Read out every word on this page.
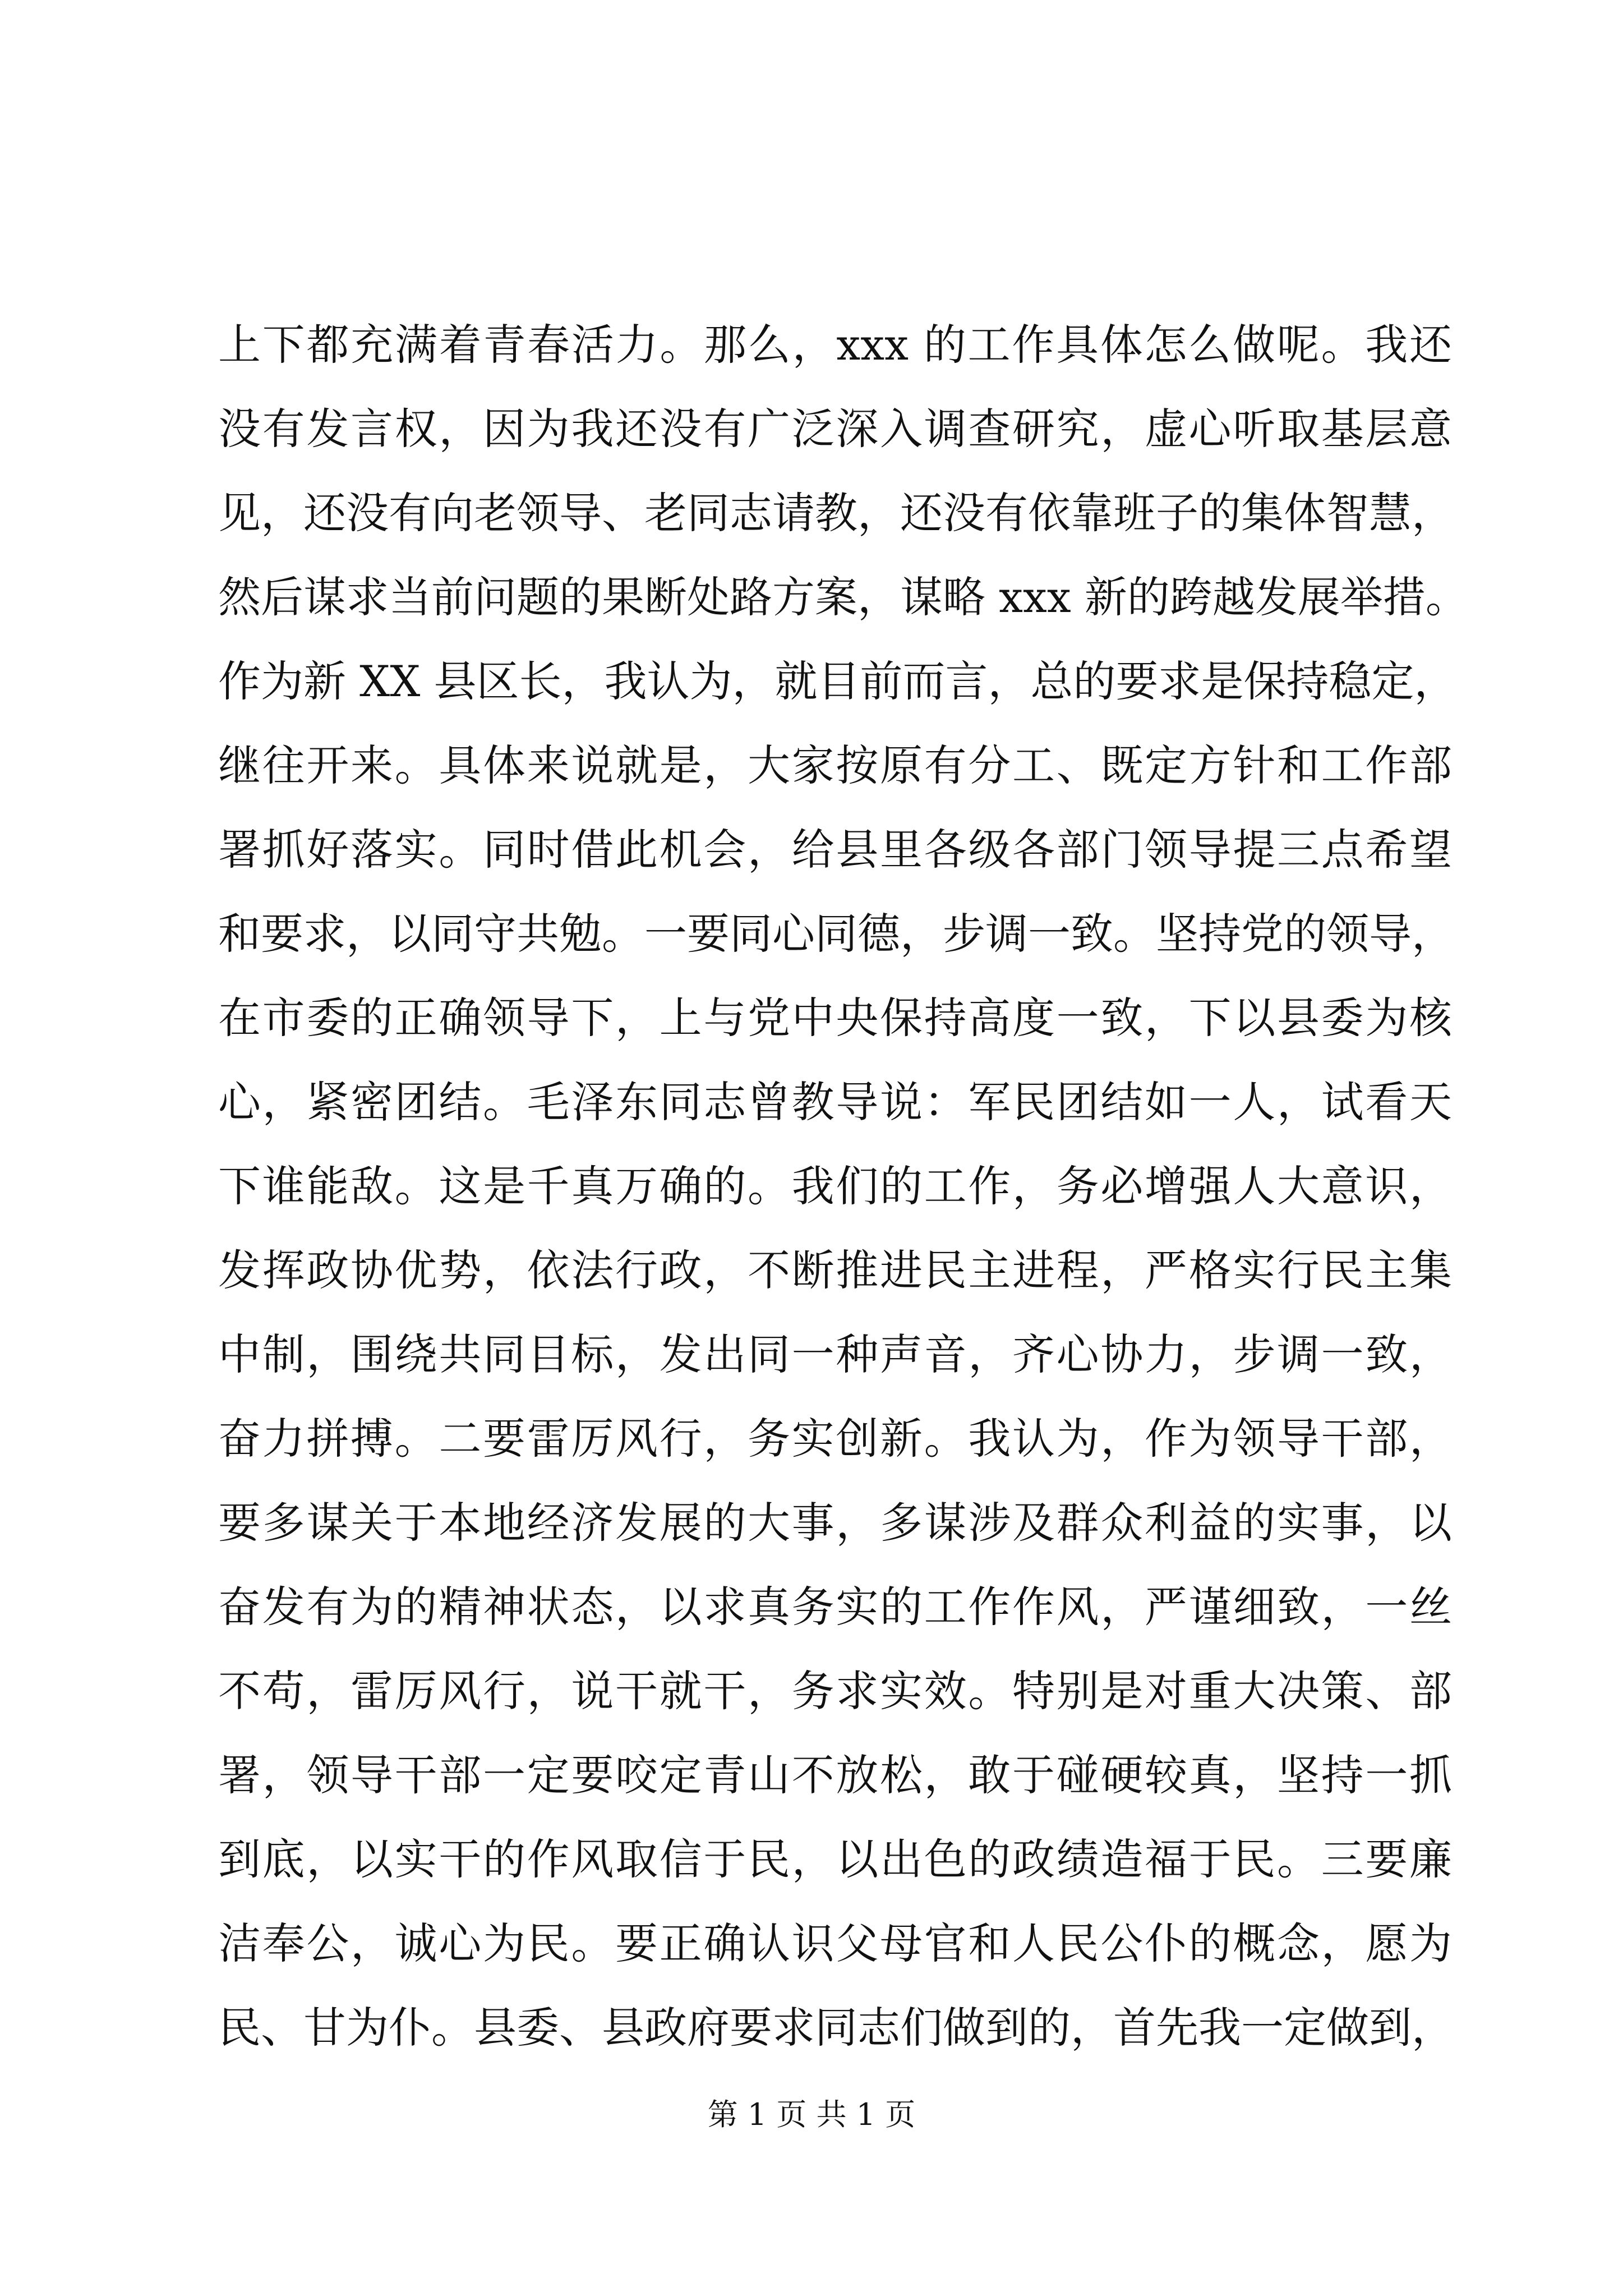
上下都充满着青春活力。那么，xxx 的工作具体怎么做呢。我还
没有发言权，因为我还没有广泛深入调查研究，虚心听取基层意
见，还没有向老领导、老同志请教，还没有依靠班子的集体智慧，
然后谋求当前问题的果断处路方案，谋略 xxx 新的跨越发展举措。
作为新 XX 县区长，我认为，就目前而言，总的要求是保持稳定，
继往开来。具体来说就是，大家按原有分工、既定方针和工作部
署抓好落实。同时借此机会，给县里各级各部门领导提三点希望
和要求，以同守共勉。一要同心同德，步调一致。坚持党的领导，
在市委的正确领导下，上与党中央保持高度一致，下以县委为核
心，紧密团结。毛泽东同志曾教导说：军民团结如一人，试看天
下谁能敌。这是千真万确的。我们的工作，务必增强人大意识，
发挥政协优势，依法行政，不断推进民主进程，严格实行民主集
中制，围绕共同目标，发出同一种声音，齐心协力，步调一致，
奋力拼搏。二要雷厉风行，务实创新。我认为，作为领导干部，
要多谋关于本地经济发展的大事，多谋涉及群众利益的实事，以
奋发有为的精神状态，以求真务实的工作作风，严谨细致，一丝
不苟，雷厉风行，说干就干，务求实效。特别是对重大决策、部
署，领导干部一定要咬定青山不放松，敢于碰硬较真，坚持一抓
到底，以实干的作风取信于民，以出色的政绩造福于民。三要廉
洁奉公，诚心为民。要正确认识父母官和人民公仆的概念，愿为
民、甘为仆。县委、县政府要求同志们做到的，首先我一定做到，
第 1 页 共 1 页
